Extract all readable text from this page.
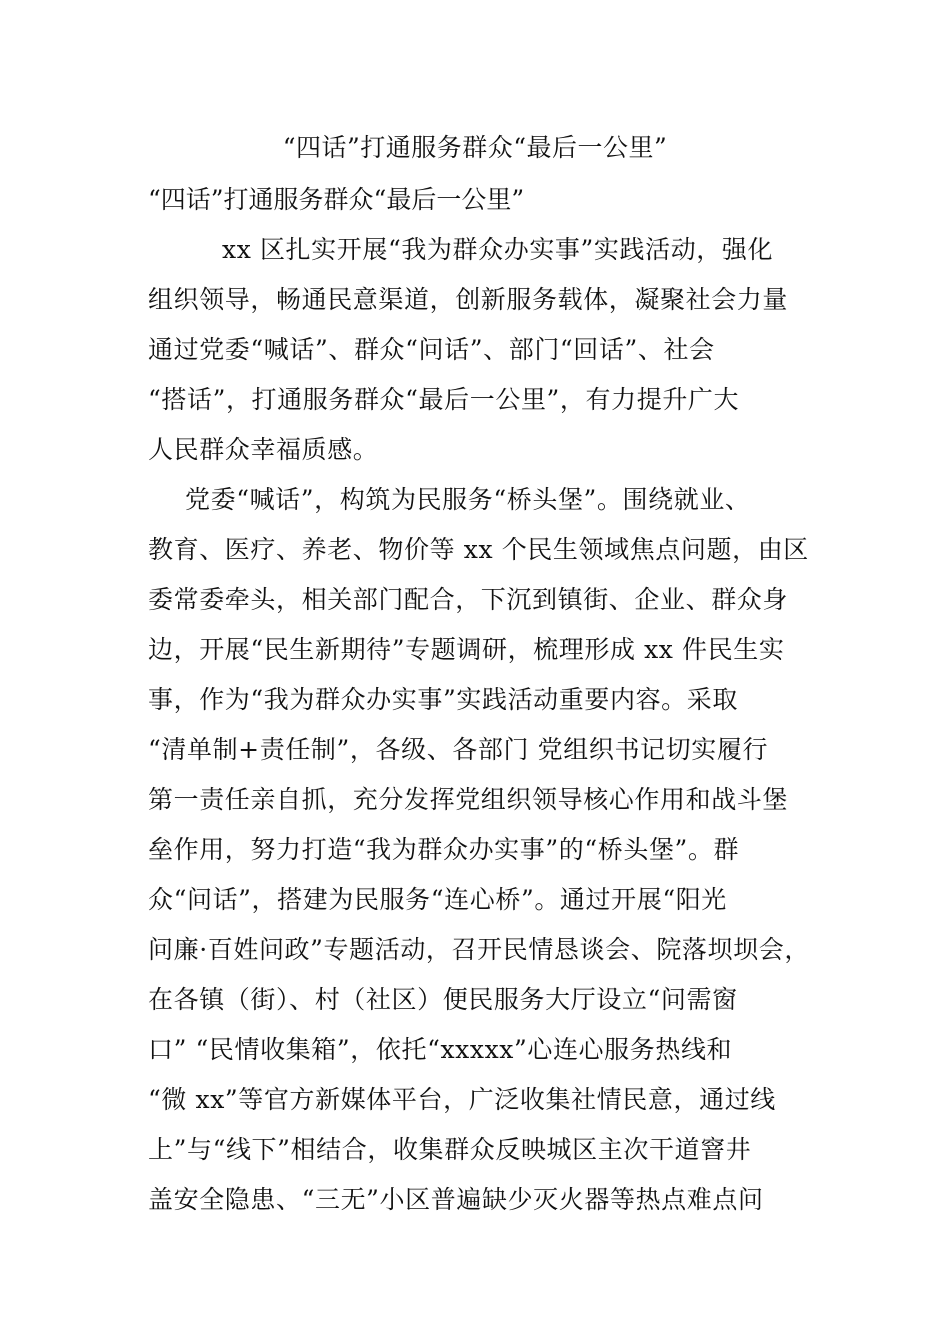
“四话”打通服务群众“最后一公里”
“四话”打通服务群众“最后一公里”
xx 区扎实开展“我为群众办实事”实践活动，强化
组织领导，畅通民意渠道，创新服务载体，凝聚社会力量
通过党委“喊话”、群众“问话”、部门“回话”、社会
“搭话”，打通服务群众“最后一公里”，有力提升广大
人民群众幸福质感。
党委“喊话”，构筑为民服务“桥头堡”。围绕就业、
教育、医疗、养老、物价等 xx 个民生领域焦点问题，由区
委常委牵头，相关部门配合，下沉到镇街、企业、群众身
边，开展“民生新期待”专题调研，梳理形成 xx 件民生实
事，作为“我为群众办实事”实践活动重要内容。采取
“清单制+责任制”，各级、各部门 党组织书记切实履行
第一责任亲自抓，充分发挥党组织领导核心作用和战斗堡
垒作用，努力打造“我为群众办实事”的“桥头堡”。群
众“问话”，搭建为民服务“连心桥”。通过开展“阳光
问廉·百姓问政”专题活动，召开民情恳谈会、院落坝坝会，
在各镇（街）、村（社区）便民服务大厅设立“问需窗
口” “民情收集箱”，依托“xxxxx”心连心服务热线和
“微 xx”等官方新媒体平台，广泛收集社情民意，通过线
上”与“线下”相结合，收集群众反映城区主次干道窨井
盖安全隐患、“三无”小区普遍缺少灭火器等热点难点问
